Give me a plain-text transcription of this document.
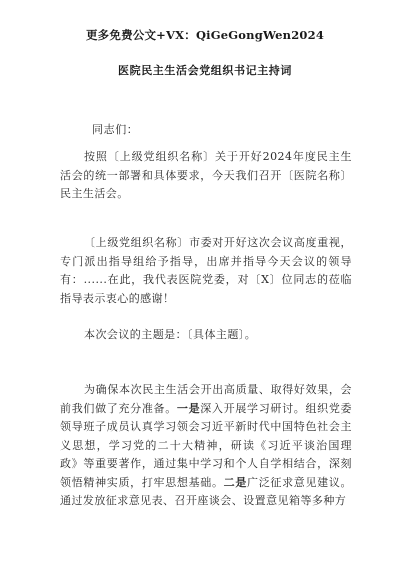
更多免费公文+VX：QiGeGongWen2024
医院民主生活会党组织书记主持词
同志们：

按照〔上级党组织名称〕关于开好2024年度民主生活会的统一部署和具体要求，今天我们召开〔医院名称〕民主生活会。

〔上级党组织名称〕市委对开好这次会议高度重视，专门派出指导组给予指导，出席并指导今天会议的领导有：......在此，我代表医院党委，对〔X〕位同志的莅临指导表示衷心的感谢！

本次会议的主题是：〔具体主题〕。

为确保本次民主生活会开出高质量、取得好效果，会前我们做了充分准备。一是深入开展学习研讨。组织党委领导班子成员认真学习领会习近平新时代中国特色社会主义思想，学习党的二十大精神，研读《习近平谈治国理政》等重要著作，通过集中学习和个人自学相结合，深刻领悟精神实质，打牢思想基础。二是广泛征求意见建议。通过发放征求意见表、召开座谈会、设置意见箱等多种方
